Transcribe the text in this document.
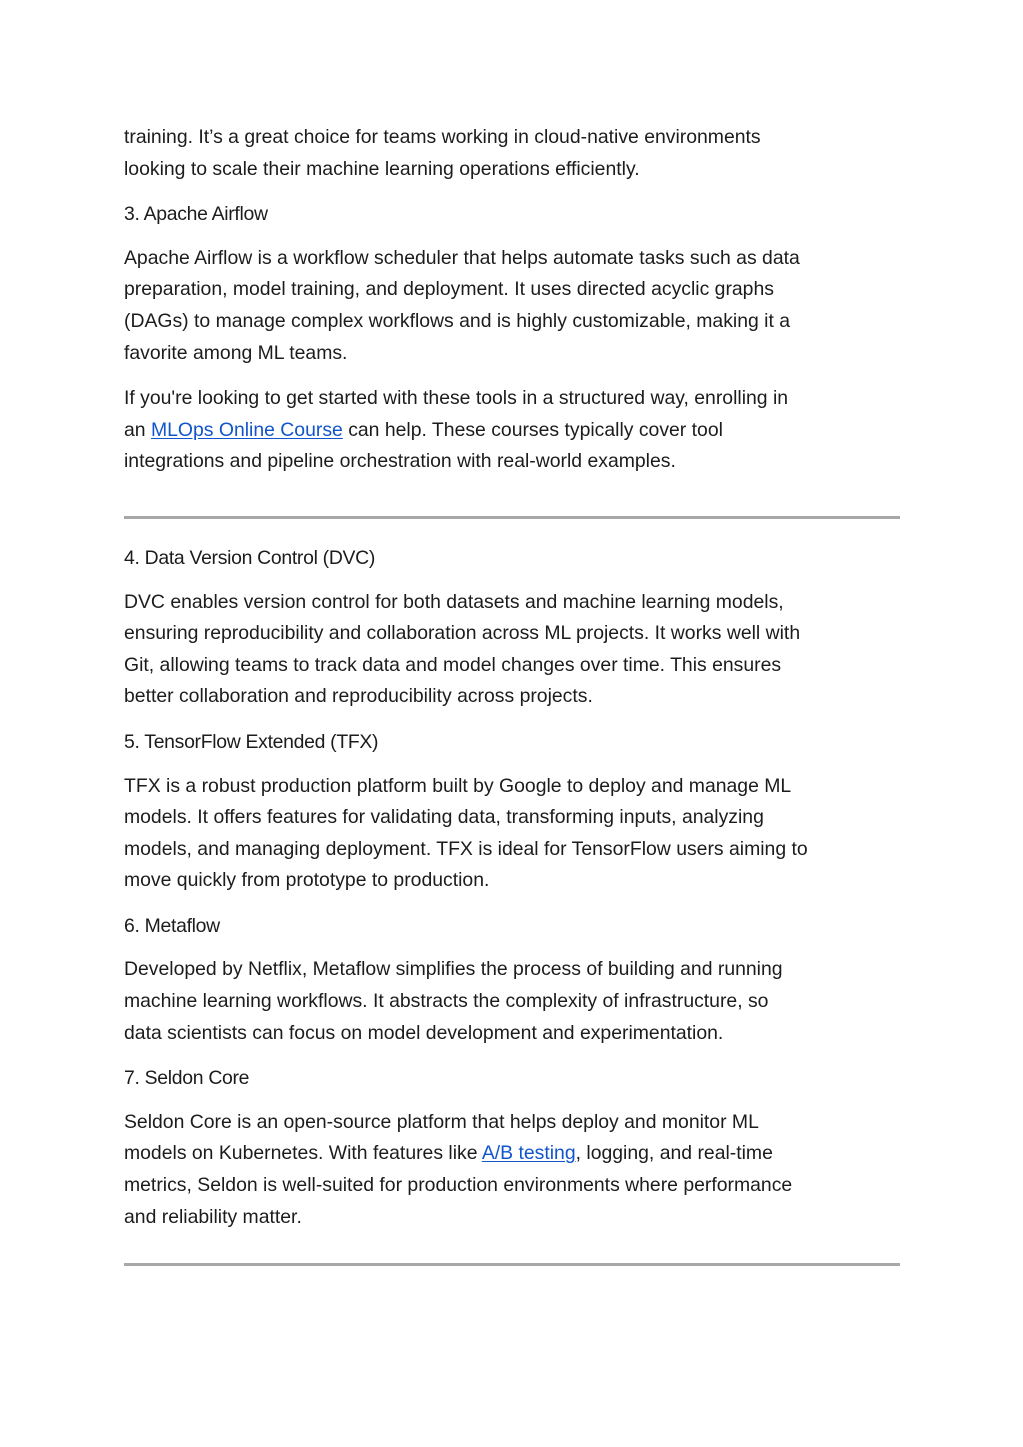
training. It’s a great choice for teams working in cloud-native environments
looking to scale their machine learning operations efficiently.

3. Apache Airflow

Apache Airflow is a workflow scheduler that helps automate tasks such as data
preparation, model training, and deployment. It uses directed acyclic graphs
(DAGs) to manage complex workflows and is highly customizable, making it a
favorite among ML teams.

If you're looking to get started with these tools in a structured way, enrolling in
an MLOps Online Course can help. These courses typically cover tool
integrations and pipeline orchestration with real-world examples.

4. Data Version Control (DVC)

DVC enables version control for both datasets and machine learning models,
ensuring reproducibility and collaboration across ML projects. It works well with
Git, allowing teams to track data and model changes over time. This ensures
better collaboration and reproducibility across projects.

5. TensorFlow Extended (TFX)

TFX is a robust production platform built by Google to deploy and manage ML
models. It offers features for validating data, transforming inputs, analyzing
models, and managing deployment. TFX is ideal for TensorFlow users aiming to
move quickly from prototype to production.

6. Metaflow

Developed by Netflix, Metaflow simplifies the process of building and running
machine learning workflows. It abstracts the complexity of infrastructure, so
data scientists can focus on model development and experimentation.

7. Seldon Core

Seldon Core is an open-source platform that helps deploy and monitor ML
models on Kubernetes. With features like A/B testing, logging, and real-time
metrics, Seldon is well-suited for production environments where performance
and reliability matter.
